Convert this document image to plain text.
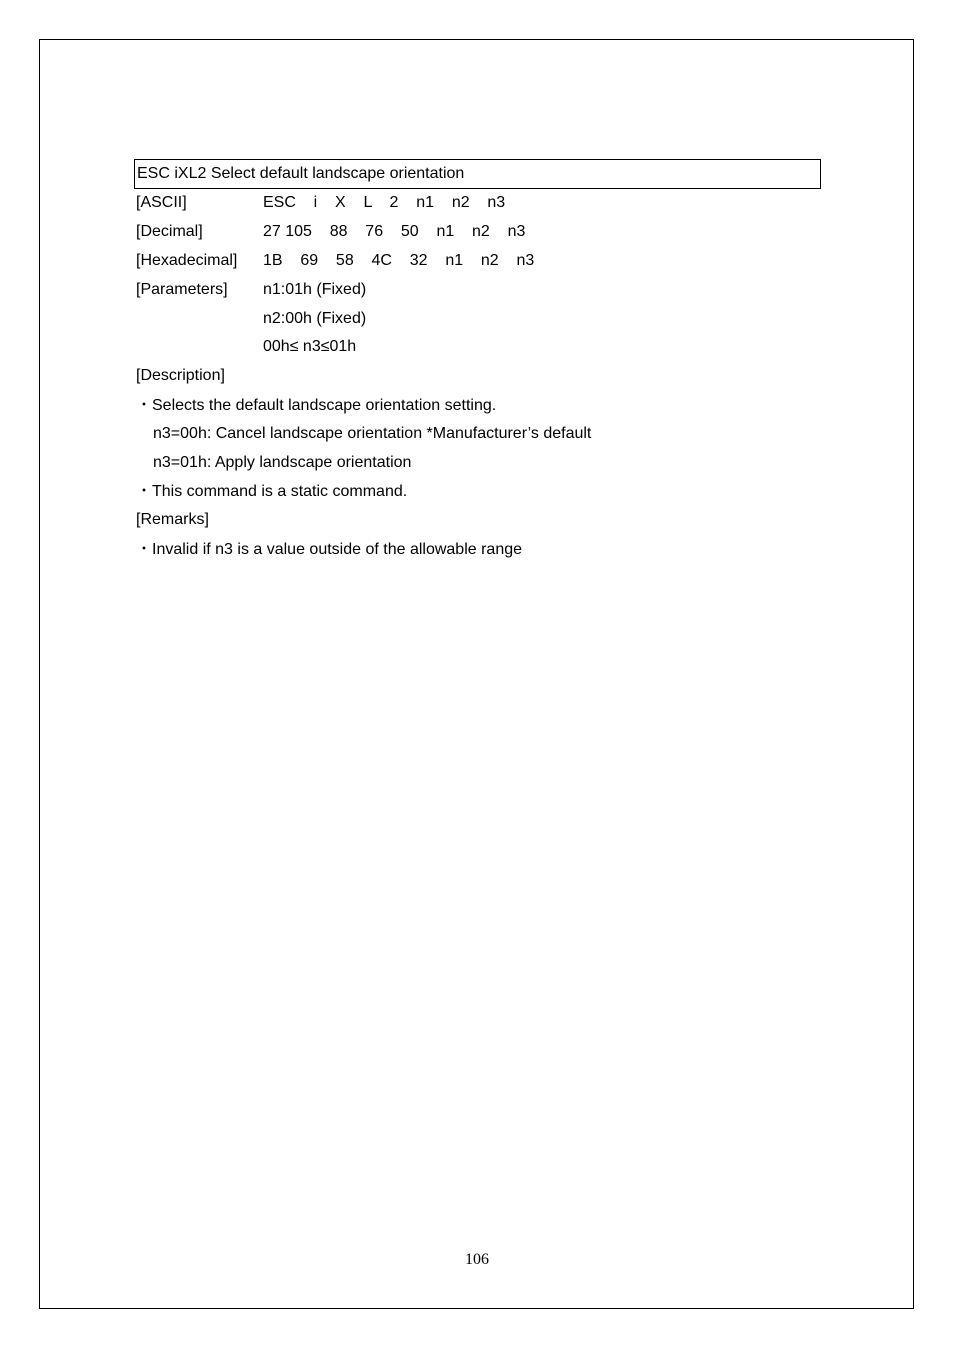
ESC iXL2 Select default landscape orientation
[ASCII]	ESC    i    X    L    2    n1    n2    n3
[Decimal]	27 105    88    76    50    n1    n2    n3
[Hexadecimal] 1B    69    58    4C    32    n1    n2    n3
[Parameters] n1:01h (Fixed)
n2:00h (Fixed)
00h≤ n3≤01h
[Description]
・Selects the default landscape orientation setting.
n3=00h: Cancel landscape orientation *Manufacturer’s default
n3=01h: Apply landscape orientation
・This command is a static command.
[Remarks]
・Invalid if n3 is a value outside of the allowable range
106
